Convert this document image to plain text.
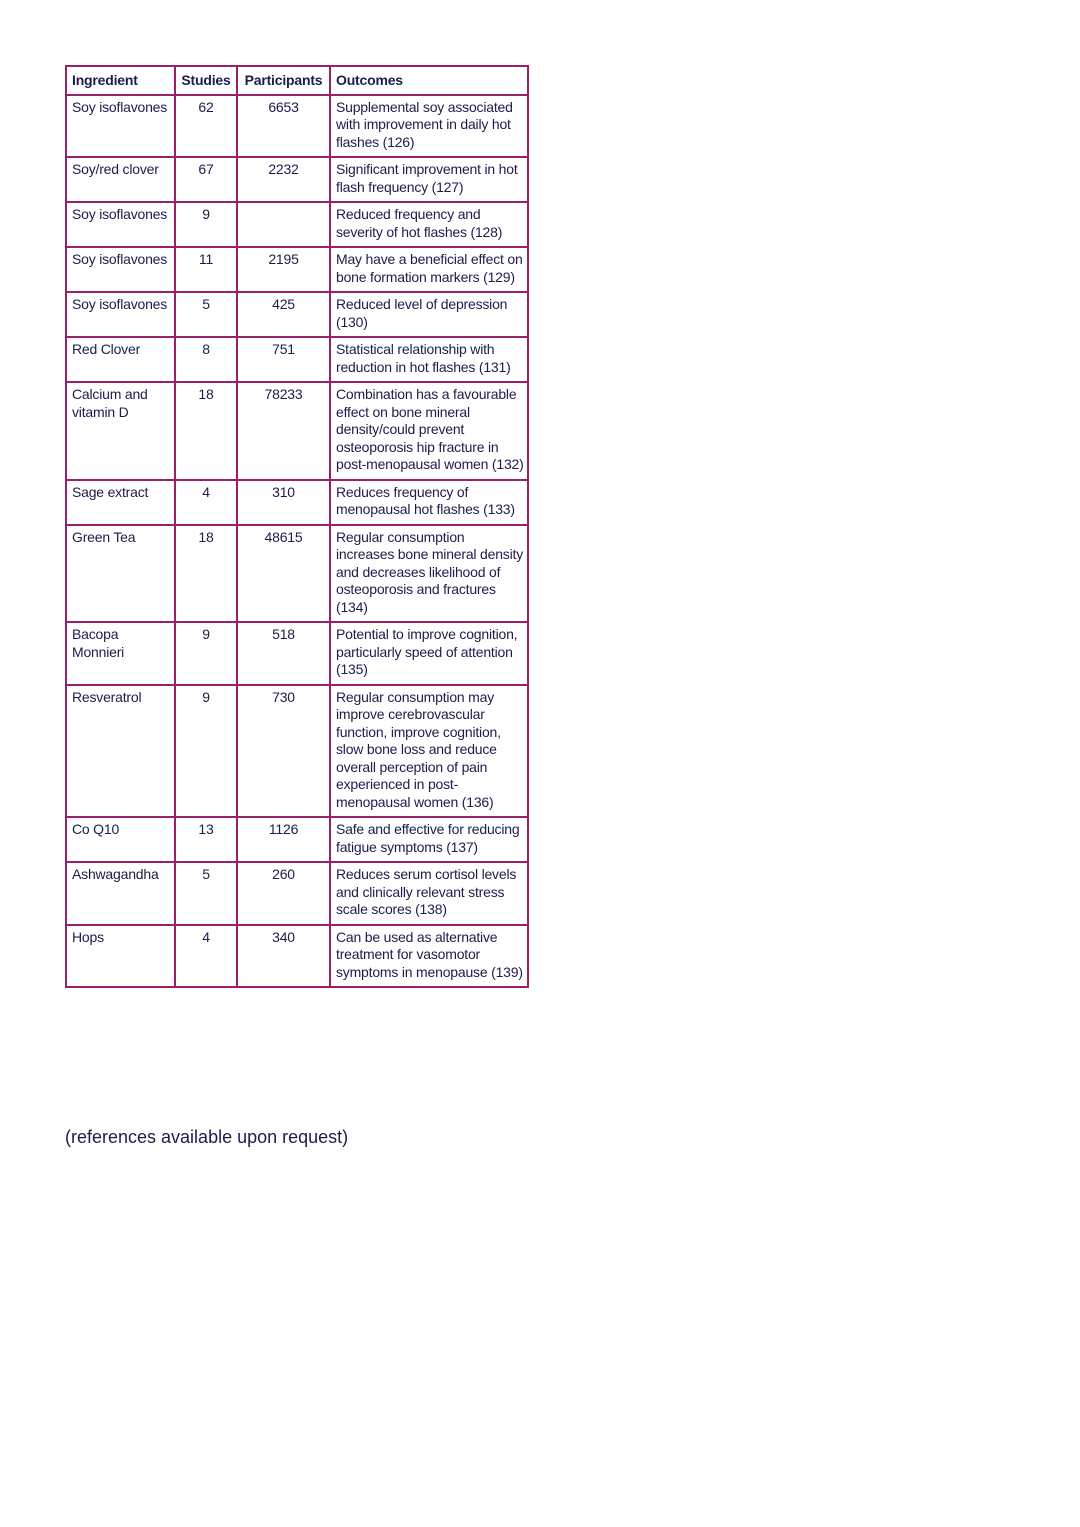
Ingredient	Studies	Participants	Outcomes
Soy isoflavones	62	6653	Supplemental soy associated with improvement in daily hot flashes (126)
Soy/red clover	67	2232	Significant improvement in hot flash frequency (127)
Soy isoflavones	9		Reduced frequency and severity of hot flashes (128)
Soy isoflavones	11	2195	May have a beneficial effect on bone formation markers (129)
Soy isoflavones	5	425	Reduced level of depression (130)
Red Clover	8	751	Statistical relationship with reduction in hot flashes (131)
Calcium and vitamin D	18	78233	Combination has a favourable effect on bone mineral density/could prevent osteoporosis hip fracture in post-menopausal women (132)
Sage extract	4	310	Reduces frequency of menopausal hot flashes (133)
Green Tea	18	48615	Regular consumption increases bone mineral density and decreases likelihood of osteoporosis and fractures (134)
Bacopa Monnieri	9	518	Potential to improve cognition, particularly speed of attention (135)
Resveratrol	9	730	Regular consumption may improve cerebrovascular function, improve cognition, slow bone loss and reduce overall perception of pain experienced in post-menopausal women (136)
Co Q10	13	1126	Safe and effective for reducing fatigue symptoms (137)
Ashwagandha	5	260	Reduces serum cortisol levels and clinically relevant stress scale scores (138)
Hops	4	340	Can be used as alternative treatment for vasomotor symptoms in menopause (139)
(references available upon request)
